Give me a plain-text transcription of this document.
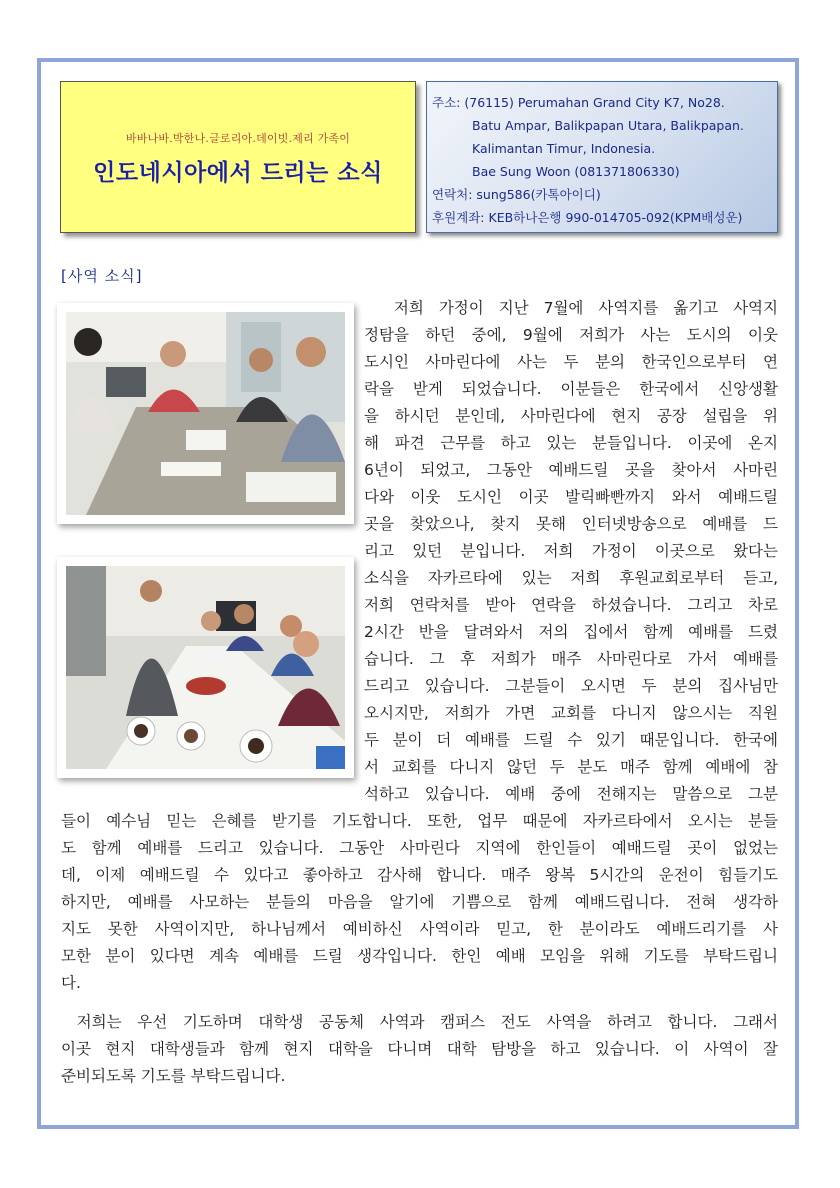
바바나바.박한나.글로리아.데이빗.제리 가족이
인도네시아에서 드리는 소식
주소: (76115) Perumahan Grand City K7, No28.
Batu Ampar, Balikpapan Utara, Balikpapan.
Kalimantan Timur, Indonesia.
Bae Sung Woon (081371806330)
연락처: sung586(카톡아이디)
후원계좌: KEB하나은행 990-014705-092(KPM배성운)
[사역 소식]

저희 가정이 지난 7월에 사역지를 옮기고 사역지
정탐을 하던 중에, 9월에 저희가 사는 도시의 이웃
도시인 사마린다에 사는 두 분의 한국인으로부터 연
락을 받게 되었습니다. 이분들은 한국에서 신앙생활
을 하시던 분인데, 사마린다에 현지 공장 설립을 위
해 파견 근무를 하고 있는 분들입니다. 이곳에 온지
6년이 되었고, 그동안 예배드릴 곳을 찾아서 사마린
다와 이웃 도시인 이곳 발릭빠빤까지 와서 예배드릴
곳을 찾았으나, 찾지 못해 인터넷방송으로 예배를 드
리고 있던 분입니다. 저희 가정이 이곳으로 왔다는
소식을 자카르타에 있는 저희 후원교회로부터 듣고,
저희 연락처를 받아 연락을 하셨습니다. 그리고 차로
2시간 반을 달려와서 저의 집에서 함께 예배를 드렸
습니다. 그 후 저희가 매주 사마린다로 가서 예배를
드리고 있습니다. 그분들이 오시면 두 분의 집사님만
오시지만, 저희가 가면 교회를 다니지 않으시는 직원
두 분이 더 예배를 드릴 수 있기 때문입니다. 한국에
서 교회를 다니지 않던 두 분도 매주 함께 예배에 참
석하고 있습니다. 예배 중에 전해지는 말씀으로 그분

들이 예수님 믿는 은혜를 받기를 기도합니다. 또한, 업무 때문에 자카르타에서 오시는 분들
도 함께 예배를 드리고 있습니다. 그동안 사마린다 지역에 한인들이 예배드릴 곳이 없었는
데, 이제 예배드릴 수 있다고 좋아하고 감사해 합니다. 매주 왕복 5시간의 운전이 힘들기도
하지만, 예배를 사모하는 분들의 마음을 알기에 기쁨으로 함께 예배드립니다. 전혀 생각하
지도 못한 사역이지만, 하나님께서 예비하신 사역이라 믿고, 한 분이라도 예배드리기를 사
모한 분이 있다면 계속 예배를 드릴 생각입니다. 한인 예배 모임을 위해 기도를 부탁드립니
다.

저희는 우선 기도하며 대학생 공동체 사역과 캠퍼스 전도 사역을 하려고 합니다. 그래서
이곳 현지 대학생들과 함께 현지 대학을 다니며 대학 탐방을 하고 있습니다. 이 사역이 잘
준비되도록 기도를 부탁드립니다.
